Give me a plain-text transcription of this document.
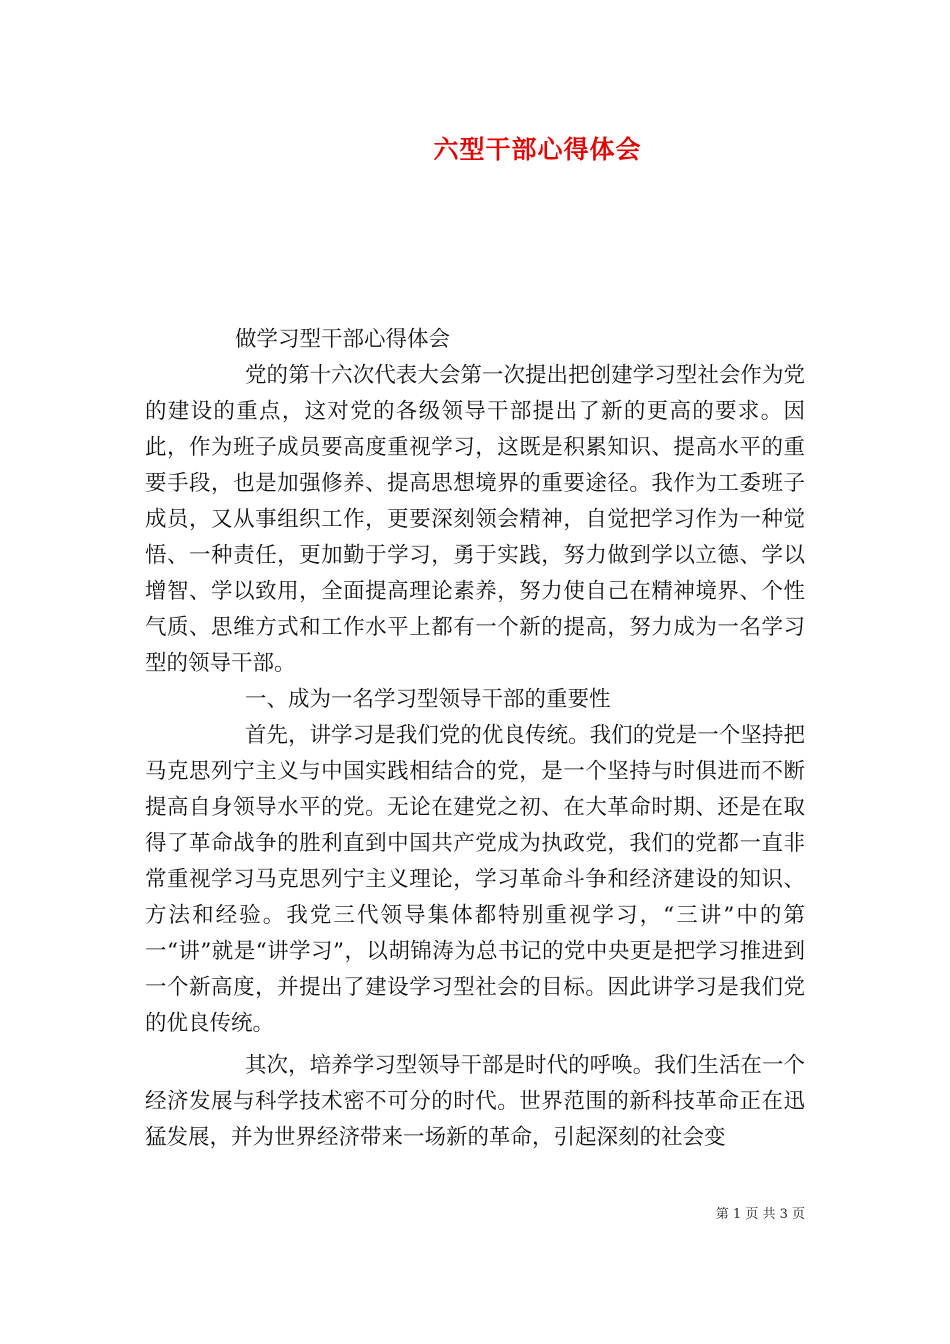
六型干部心得体会

做学习型干部心得体会

党的第十六次代表大会第一次提出把创建学习型社会作为党的建设的重点，这对党的各级领导干部提出了新的更高的要求。因此，作为班子成员要高度重视学习，这既是积累知识、提高水平的重要手段，也是加强修养、提高思想境界的重要途径。我作为工委班子成员，又从事组织工作，更要深刻领会精神，自觉把学习作为一种觉悟、一种责任，更加勤于学习，勇于实践，努力做到学以立德、学以增智、学以致用，全面提高理论素养，努力使自己在精神境界、个性气质、思维方式和工作水平上都有一个新的提高，努力成为一名学习型的领导干部。

一、成为一名学习型领导干部的重要性

首先，讲学习是我们党的优良传统。我们的党是一个坚持把马克思列宁主义与中国实践相结合的党，是一个坚持与时俱进而不断提高自身领导水平的党。无论在建党之初、在大革命时期、还是在取得了革命战争的胜利直到中国共产党成为执政党，我们的党都一直非常重视学习马克思列宁主义理论，学习革命斗争和经济建设的知识、方法和经验。我党三代领导集体都特别重视学习，“三讲”中的第一“讲”就是“讲学习”，以胡锦涛为总书记的党中央更是把学习推进到一个新高度，并提出了建设学习型社会的目标。因此讲学习是我们党的优良传统。

其次，培养学习型领导干部是时代的呼唤。我们生活在一个经济发展与科学技术密不可分的时代。世界范围的新科技革命正在迅猛发展，并为世界经济带来一场新的革命，引起深刻的社会变

第 1 页 共 3 页
